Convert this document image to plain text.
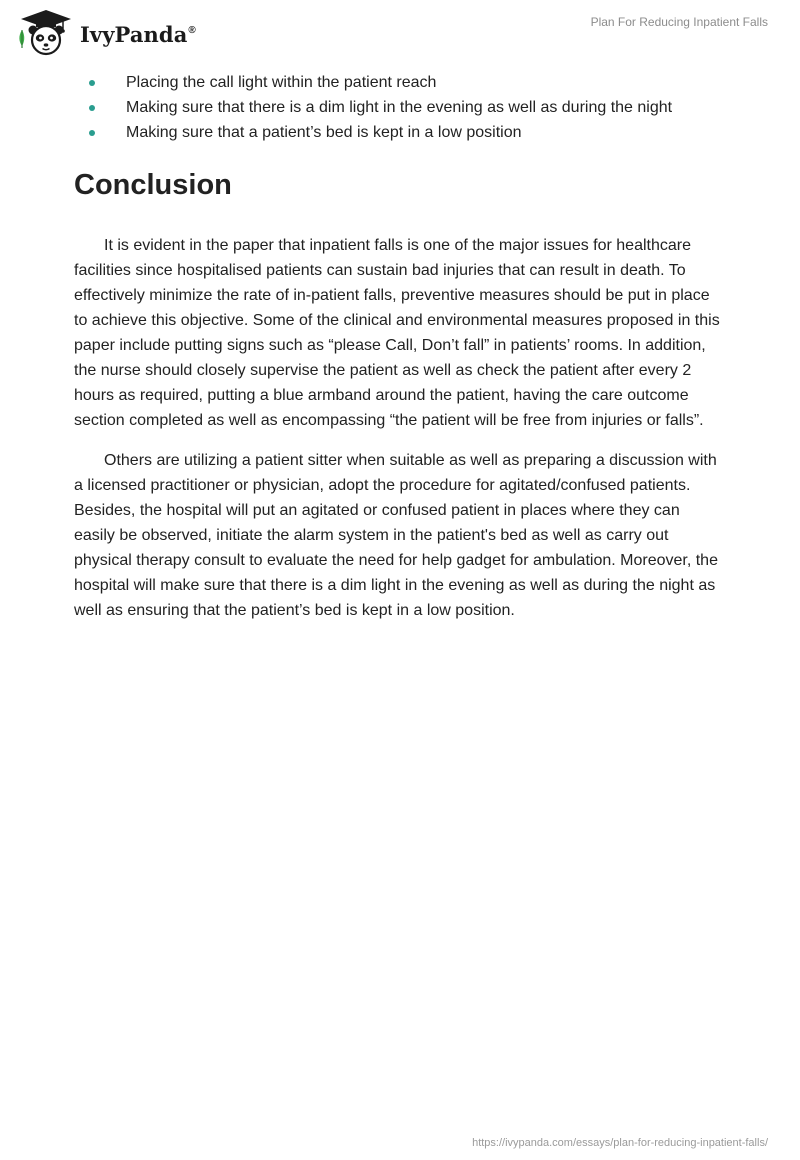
IvyPanda®
Plan For Reducing Inpatient Falls
Placing the call light within the patient reach
Making sure that there is a dim light in the evening as well as during the night
Making sure that a patient’s bed is kept in a low position
Conclusion

It is evident in the paper that inpatient falls is one of the major issues for healthcare facilities since hospitalised patients can sustain bad injuries that can result in death. To effectively minimize the rate of in-patient falls, preventive measures should be put in place to achieve this objective. Some of the clinical and environmental measures proposed in this paper include putting signs such as “please Call, Don’t fall” in patients’ rooms. In addition, the nurse should closely supervise the patient as well as check the patient after every 2 hours as required, putting a blue armband around the patient, having the care outcome section completed as well as encompassing “the patient will be free from injuries or falls”.

Others are utilizing a patient sitter when suitable as well as preparing a discussion with a licensed practitioner or physician, adopt the procedure for agitated/confused patients. Besides, the hospital will put an agitated or confused patient in places where they can easily be observed, initiate the alarm system in the patient's bed as well as carry out physical therapy consult to evaluate the need for help gadget for ambulation. Moreover, the hospital will make sure that there is a dim light in the evening as well as during the night as well as ensuring that the patient’s bed is kept in a low position.

https://ivypanda.com/essays/plan-for-reducing-inpatient-falls/
